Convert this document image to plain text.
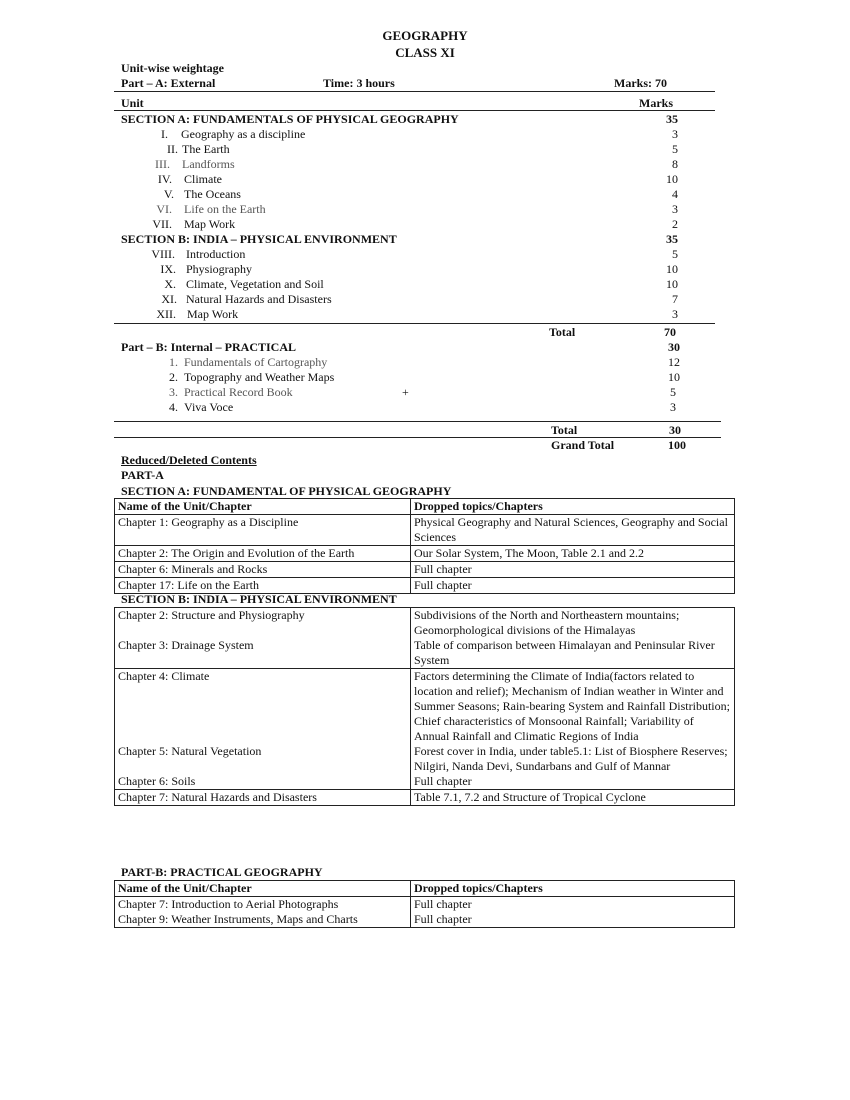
GEOGRAPHY
CLASS XI
Unit-wise weightage
Part – A: External	Time: 3 hours	Marks: 70
Unit	Marks
SECTION A: FUNDAMENTALS OF PHYSICAL GEOGRAPHY	35
I. Geography as a discipline	3
II. The Earth	5
III. Landforms	8
IV. Climate	10
V. The Oceans	4
VI. Life on the Earth	3
VII. Map Work	2
SECTION B: INDIA – PHYSICAL ENVIRONMENT	35
VIII. Introduction	5
IX. Physiography	10
X. Climate, Vegetation and Soil	10
XI. Natural Hazards and Disasters	7
XII. Map Work	3
Total	70
Part – B: Internal – PRACTICAL	30
1. Fundamentals of Cartography	12
2. Topography and Weather Maps	10
3. Practical Record Book	+	5
4. Viva Voce	3
Total	30
Grand Total	100
Reduced/Deleted Contents
PART-A
SECTION A: FUNDAMENTAL OF PHYSICAL GEOGRAPHY
Name of the Unit/Chapter	Dropped topics/Chapters
Chapter 1: Geography as a Discipline	Physical Geography and Natural Sciences, Geography and Social Sciences
Chapter 2: The Origin and Evolution of the Earth	Our Solar System, The Moon, Table 2.1 and 2.2
Chapter 6: Minerals and Rocks	Full chapter
Chapter 17: Life on the Earth	Full chapter
SECTION B: INDIA – PHYSICAL ENVIRONMENT
Chapter 2: Structure and Physiography	Subdivisions of the North and Northeastern mountains; Geomorphological divisions of the Himalayas
Chapter 3: Drainage System	Table of comparison between Himalayan and Peninsular River System
Chapter 4: Climate	Factors determining the Climate of India(factors related to location and relief); Mechanism of Indian weather in Winter and Summer Seasons; Rain-bearing System and Rainfall Distribution; Chief characteristics of Monsoonal Rainfall; Variability of Annual Rainfall and Climatic Regions of India
Chapter 5: Natural Vegetation	Forest cover in India, under table5.1: List of Biosphere Reserves; Nilgiri, Nanda Devi, Sundarbans and Gulf of Mannar
Chapter 6: Soils	Full chapter
Chapter 7: Natural Hazards and Disasters	Table 7.1, 7.2 and Structure of Tropical Cyclone
PART-B: PRACTICAL GEOGRAPHY
Name of the Unit/Chapter	Dropped topics/Chapters
Chapter 7: Introduction to Aerial Photographs	Full chapter
Chapter 9: Weather Instruments, Maps and Charts	Full chapter
